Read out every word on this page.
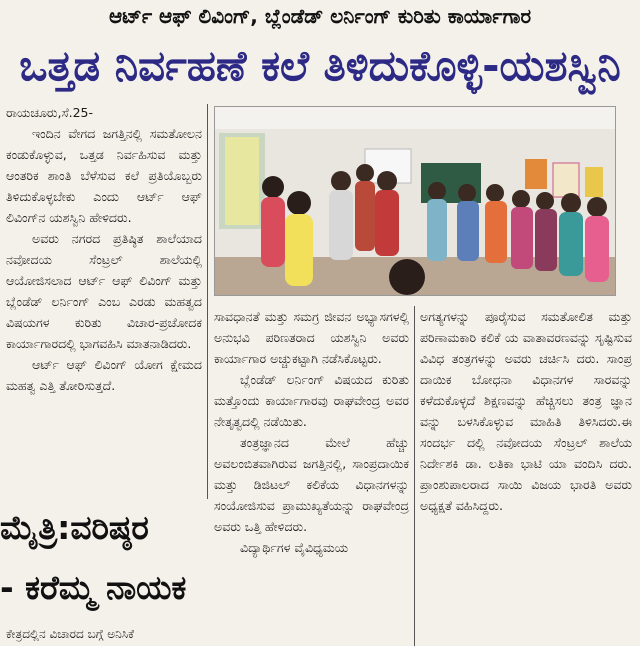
ಆರ್ಟ್ ಆಫ್ ಲಿವಿಂಗ್, ಬ್ಲೆಂಡೆಡ್ ಲರ್ನಿಂಗ್ ಕುರಿತು ಕಾರ್ಯಾಗಾರ
ಒತ್ತಡ ನಿರ್ವಹಣೆ ಕಲೆ ತಿಳಿದುಕೊಳ್ಳಿ-ಯಶಸ್ವಿನಿ

ರಾಯಚೂರು,ಸೆ.25-

ಇಂದಿನ ವೇಗದ ಜಗತ್ತಿನಲ್ಲಿ ಸಮತೋಲನ ಕಂಡುಕೊಳ್ಳುವ, ಒತ್ತಡ ನಿರ್ವಹಿಸುವ ಮತ್ತು ಆಂತರಿಕ ಶಾಂತಿ ಬೆಳೆಸುವ ಕಲೆ ಪ್ರತಿಯೊಬ್ಬರು ತಿಳಿದುಕೊಳ್ಳಬೇಕು ಎಂದು ಆರ್ಟ್ ಆಫ್ ಲಿವಿಂಗ್‌ನ ಯಶಸ್ವಿನಿ ಹೇಳಿದರು.

ಅವರು ನಗರದ ಪ್ರತಿಷ್ಠಿತ ಶಾಲೆಯಾದ ನವೋದಯ ಸೆಂಟ್ರಲ್ ಶಾಲೆಯಲ್ಲಿ ಆಯೋಜಿಸಲಾದ ಆರ್ಟ್ ಆಫ್ ಲಿವಿಂಗ್ ಮತ್ತು ಬ್ಲೆಂಡೆಡ್ ಲರ್ನಿಂಗ್ ಎಂಬ ಎರಡು ಮಹತ್ವದ ವಿಷಯಗಳ ಕುರಿತು ವಿಚಾರ-ಪ್ರಚೋದಕ ಕಾರ್ಯಾಗಾರದಲ್ಲಿ ಭಾಗವಹಿಸಿ ಮಾತನಾಡಿದರು.

ಆರ್ಟ್ ಆಫ್ ಲಿವಿಂಗ್ ಯೋಗ ಕ್ಷೇಮದ ಮಹತ್ವ ಎತ್ತಿ ತೋರಿಸುತ್ತದೆ.

ಸಾವಧಾನತೆ ಮತ್ತು ಸಮಗ್ರ ಜೀವನ ಅಭ್ಯಾಸಗಳಲ್ಲಿ ಅನುಭವಿ ಪರಿಣತರಾದ ಯಶಸ್ವಿನಿ ಅವರು ಕಾರ್ಯಾಗಾರ ಅಚ್ಚುಕಟ್ಟಾಗಿ ನಡೆಸಿಕೊಟ್ಟರು.

ಬ್ಲೆಂಡೆಡ್ ಲರ್ನಿಂಗ್ ವಿಷಯದ ಕುರಿತು ಮತ್ತೊಂದು ಕಾರ್ಯಾಗಾರವು ರಾಘವೇಂದ್ರ ಅವರ ನೇತೃತ್ವದಲ್ಲಿ ನಡೆಯಿತು.

ತಂತ್ರಜ್ಞಾನದ ಮೇಲೆ ಹೆಚ್ಚು ಅವಲಂಬಿತವಾಗಿರುವ ಜಗತ್ತಿನಲ್ಲಿ, ಸಾಂಪ್ರದಾಯಿಕ ಮತ್ತು ಡಿಜಿಟಲ್ ಕಲಿಕೆಯ ವಿಧಾನಗಳನ್ನು ಸಂಯೋಜಿಸುವ ಪ್ರಾಮುಖ್ಯತೆಯನ್ನು ರಾಘವೇಂದ್ರ ಅವರು ಒತ್ತಿ ಹೇಳಿದರು.

ವಿದ್ಯಾರ್ಥಿಗಳ ವೈವಿಧ್ಯಮಯ

ಅಗತ್ಯಗಳನ್ನು ಪೂರೈಸುವ ಸಮತೋಲಿತ ಮತ್ತು ಪರಿಣಾಮಕಾರಿ ಕಲಿಕೆ ಯ ವಾತಾವರಣವನ್ನು ಸೃಷ್ಟಿಸುವ ವಿವಿಧ ತಂತ್ರಗಳನ್ನು ಅವರು ಚರ್ಚಿಸಿ ದರು. ಸಾಂಪ್ರ ದಾಯಿಕ ಬೋಧನಾ ವಿಧಾನಗಳ ಸಾರವನ್ನು ಕಳೆದುಕೊಳ್ಳದೆ ಶಿಕ್ಷಣವನ್ನು ಹೆಚ್ಚಿಸಲು ತಂತ್ರ ಜ್ಞಾನ ವನ್ನು ಬಳಸಿಕೊಳ್ಳುವ ಮಾಹಿತಿ ತಿಳಿಸಿದರು.ಈ ಸಂದರ್ಭ ದಲ್ಲಿ ನವೋದಯ ಸೆಂಟ್ರಲ್ ಶಾಲೆಯ ನಿರ್ದೇಶಕಿ ಡಾ. ಲತಿಕಾ ಭಾಟಿ ಯಾ ವಂದಿಸಿ ದರು. ಪ್ರಾಂಶುಪಾಲರಾದ ಸಾಯಿ ವಿಜಯ ಭಾರತಿ ಅವರು ಅಧ್ಯಕ್ಷತೆ ವಹಿಸಿದ್ದರು.

ಮೈತ್ರಿ:ವರಿಷ್ಠರ
- ಕರೆಮ್ಮ ನಾಯಕ
ಕೇತ್ರದಲ್ಲಿನ ವಿಚಾರದ ಬಗ್ಗೆ ಅನಿಸಿಕೆ
